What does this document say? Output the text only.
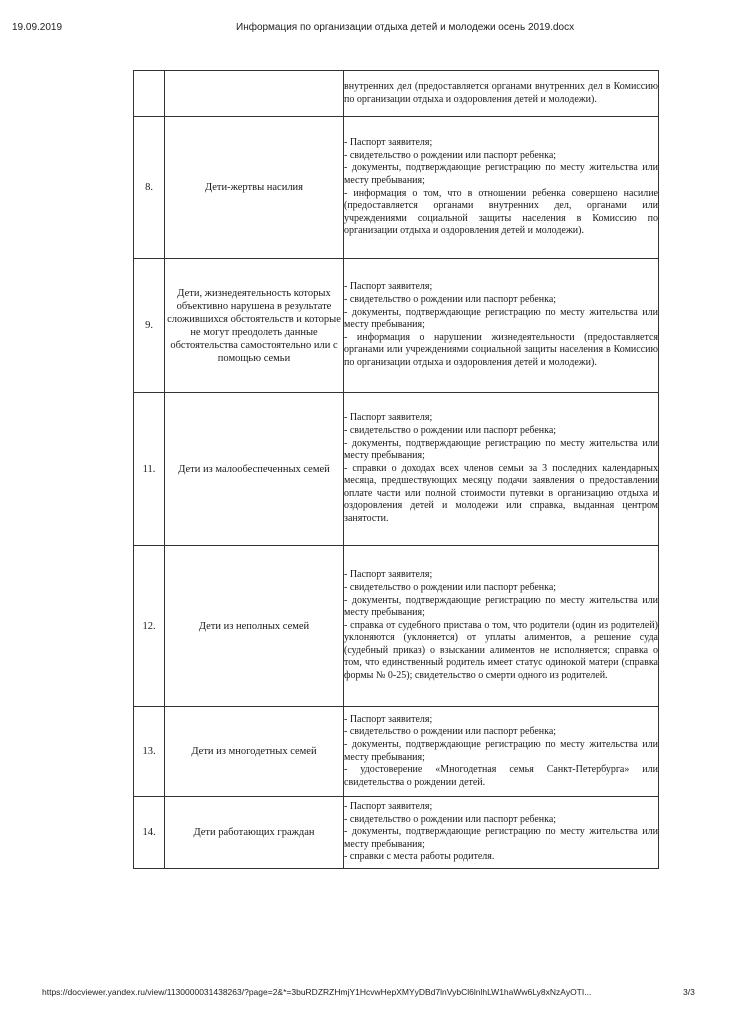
19.09.2019	Информация по организации отдыха детей и молодежи осень 2019.docx

		внутренних дел (предоставляется органами внутренних дел в Комиссию по организации отдыха и оздоровления детей и молодежи).

8.	Дети-жертвы насилия	- Паспорт заявителя;
- свидетельство о рождении или паспорт ребенка;
- документы, подтверждающие регистрацию по месту жительства или месту пребывания;
- информация о том, что в отношении ребенка совершено насилие (предоставляется органами внутренних дел, органами или учреждениями социальной защиты населения в Комиссию по организации отдыха и оздоровления детей и молодежи).

9.	Дети, жизнедеятельность которых объективно нарушена в результате сложившихся обстоятельств и которые не могут преодолеть данные обстоятельства самостоятельно или с помощью семьи	- Паспорт заявителя;
- свидетельство о рождении или паспорт ребенка;
- документы, подтверждающие регистрацию по месту жительства или месту пребывания;
- информация о нарушении жизнедеятельности (предоставляется органами или учреждениями социальной защиты населения в Комиссию по организации отдыха и оздоровления детей и молодежи).

11.	Дети из малообеспеченных семей	- Паспорт заявителя;
- свидетельство о рождении или паспорт ребенка;
- документы, подтверждающие регистрацию по месту жительства или месту пребывания;
- справки о доходах всех членов семьи за 3 последних календарных месяца, предшествующих месяцу подачи заявления о предоставлении оплате части или полной стоимости путевки в организацию отдыха и оздоровления детей и молодежи или справка, выданная центром занятости.

12.	Дети из неполных семей	- Паспорт заявителя;
- свидетельство о рождении или паспорт ребенка;
- документы, подтверждающие регистрацию по месту жительства или месту пребывания;
- справка от судебного пристава о том, что родители (один из родителей) уклоняются (уклоняется) от уплаты алиментов, а решение суда (судебный приказ) о взыскании алиментов не исполняется; справка о том, что единственный родитель имеет статус одинокой матери (справка формы № 0-25); свидетельство о смерти одного из родителей.

13.	Дети из многодетных семей	- Паспорт заявителя;
- свидетельство о рождении или паспорт ребенка;
- документы, подтверждающие регистрацию по месту жительства или месту пребывания;
- удостоверение «Многодетная семья Санкт-Петербурга» или свидетельства о рождении детей.

14.	Дети работающих граждан	- Паспорт заявителя;
- свидетельство о рождении или паспорт ребенка;
- документы, подтверждающие регистрацию по месту жительства или месту пребывания;
- справки с места работы родителя.
https://docviewer.yandex.ru/view/1130000031438263/?page=2&*=3buRDZRZHmjY1HcvwHepXMYyDBd7lnVybCl6lnlhLW1haWw6Ly8xNzAyOTI...	3/3
